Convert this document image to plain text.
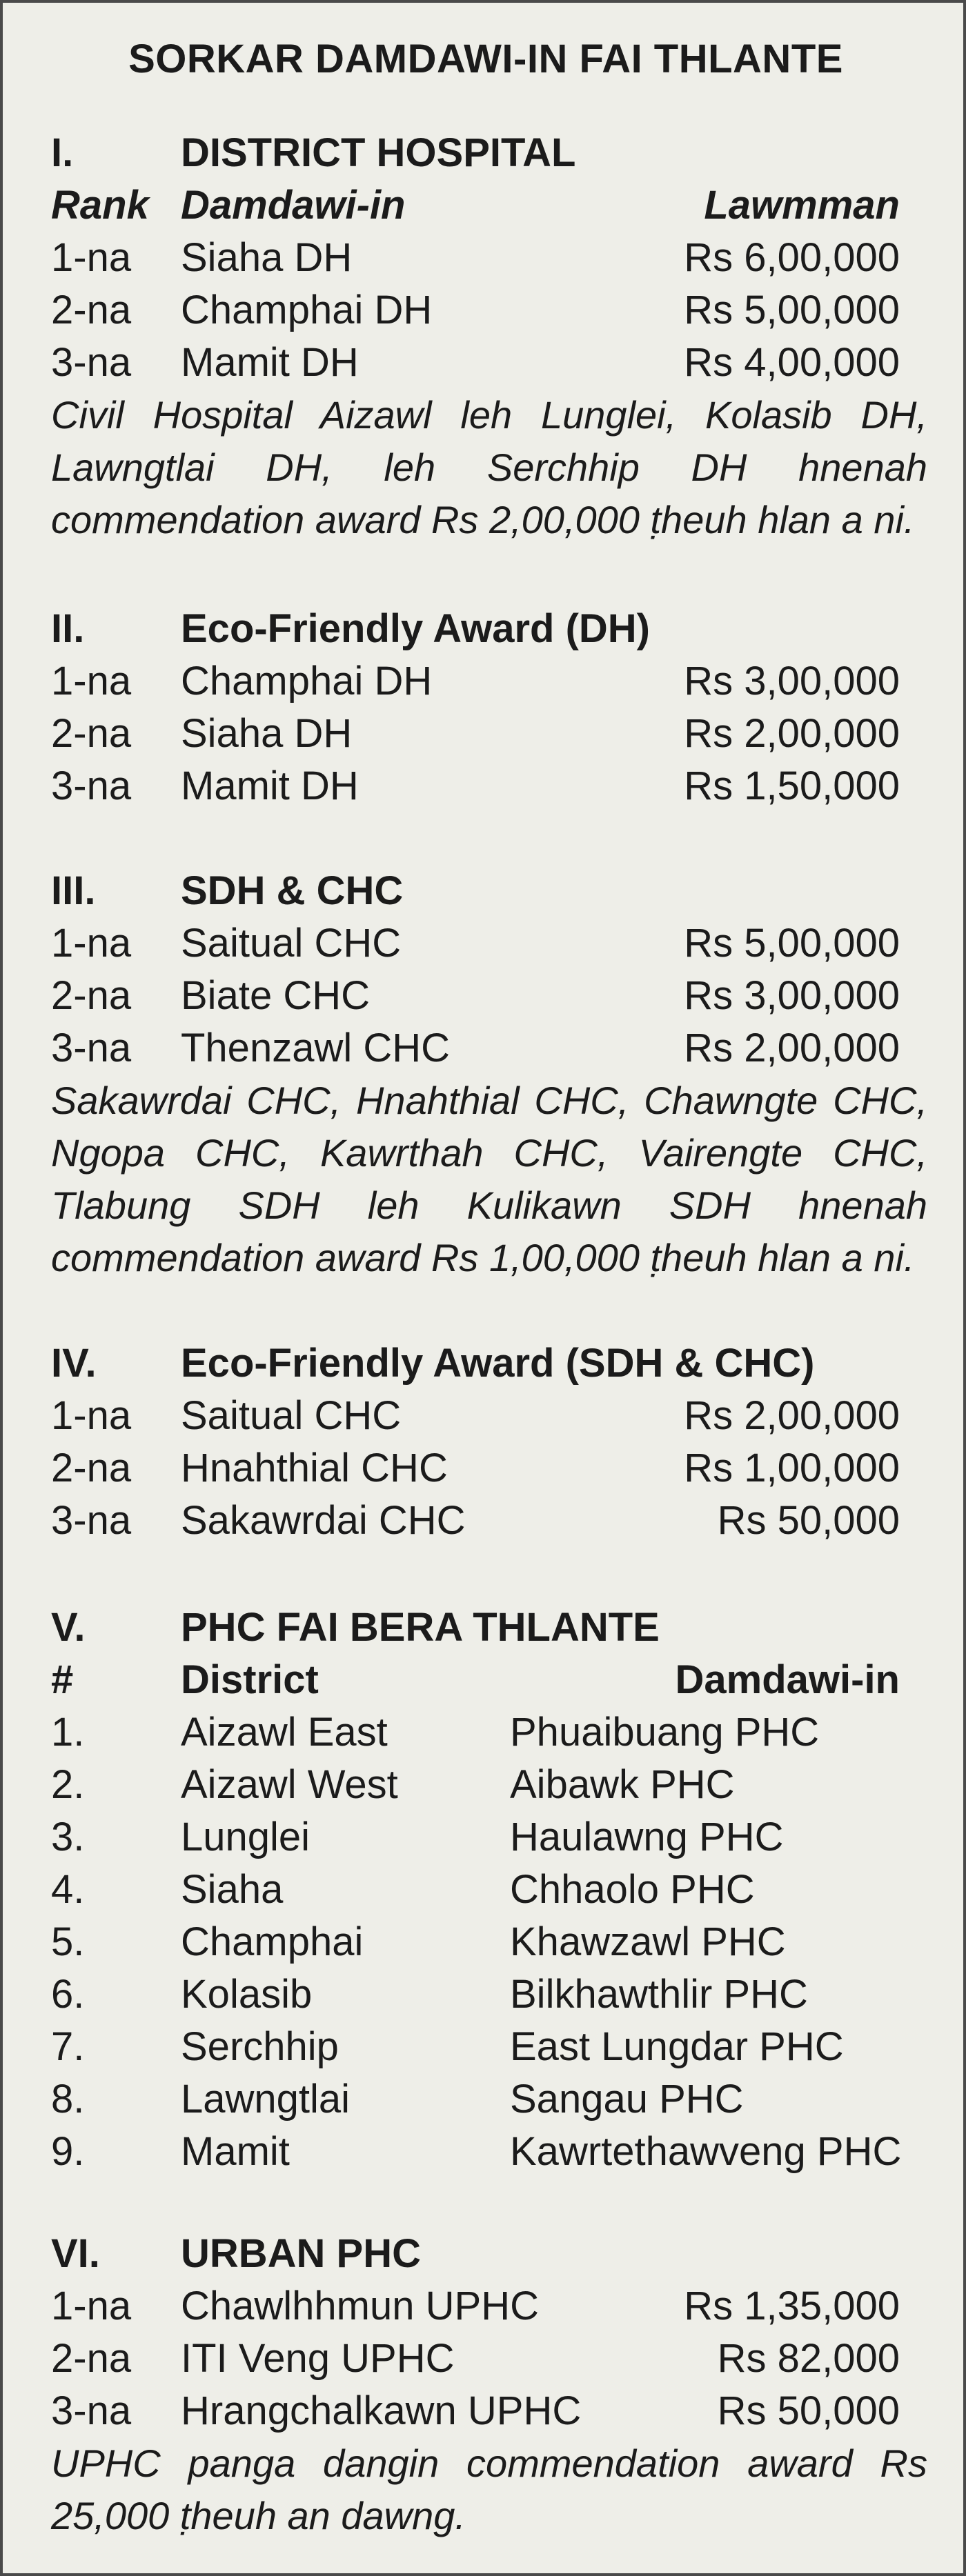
SORKAR DAMDAWI-IN FAI THLANTE
I.	DISTRICT HOSPITAL
Rank Damdawi-in	Lawmman
1-na Siaha DH	Rs 6,00,000
2-na Champhai DH	Rs 5,00,000
3-na Mamit DH	Rs 4,00,000
Civil Hospital Aizawl leh Lunglei, Kolasib DH, Lawngtlai DH, leh Serchhip DH hnenah commendation award Rs 2,00,000 ṭheuh hlan a ni.
II. Eco-Friendly Award (DH)
1-na Champhai DH	Rs 3,00,000
2-na Siaha DH	Rs 2,00,000
3-na Mamit DH	Rs 1,50,000
III. SDH & CHC
1-na Saitual CHC	Rs 5,00,000
2-na Biate CHC	Rs 3,00,000
3-na Thenzawl CHC	Rs 2,00,000
Sakawrdai CHC, Hnahthial CHC, Chawngte CHC, Ngopa CHC, Kawrthah CHC, Vairengte CHC, Tlabung SDH leh Kulikawn SDH hnenah commendation award Rs 1,00,000 ṭheuh hlan a ni.
IV. Eco-Friendly Award (SDH & CHC)
1-na Saitual CHC	Rs 2,00,000
2-na Hnahthial CHC	Rs 1,00,000
3-na Sakawrdai CHC	Rs 50,000
V. PHC FAI BERA THLANTE
#	District	Damdawi-in
1. Aizawl East	Phuaibuang PHC
2. Aizawl West	Aibawk PHC
3. Lunglei	Haulawng PHC
4. Siaha	Chhaolo PHC
5. Champhai	Khawzawl PHC
6. Kolasib	Bilkhawthlir PHC
7. Serchhip	East Lungdar PHC
8. Lawngtlai	Sangau PHC
9. Mamit	Kawrtethawveng PHC
VI. URBAN PHC
1-na Chawlhhmun UPHC	Rs 1,35,000
2-na ITI Veng UPHC	Rs 82,000
3-na Hrangchalkawn UPHC	Rs 50,000
UPHC panga dangin commendation award Rs 25,000 ṭheuh an dawng.
